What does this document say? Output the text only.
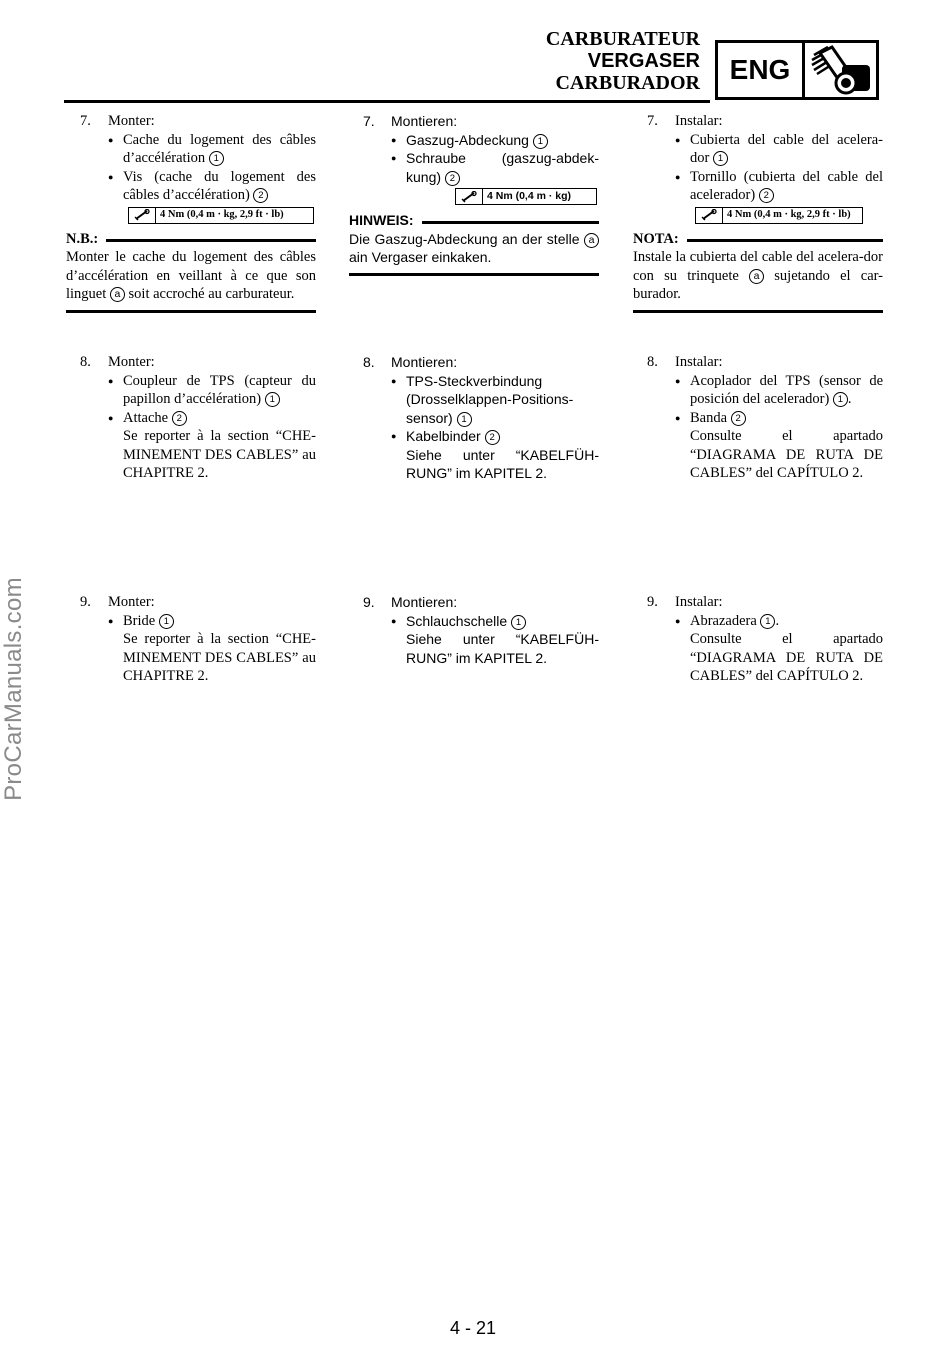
CARBURATEUR
VERGASER
CARBURADOR	ENG
7. Monter:
● Cache du logement des câbles d’accélération 1
● Vis (cache du logement des câbles d’accélération) 2
4 Nm (0,4 m · kg, 2,9 ft · lb)
N.B.:
Monter le cache du logement des câbles d’accélération en veillant à ce que son linguet a soit accroché au carburateur.
8. Monter:
● Coupleur de TPS (capteur du papillon d’accélération) 1
● Attache 2
Se reporter à la section “CHE-MINEMENT DES CABLES” au CHAPITRE 2.
9. Monter:
● Bride 1
Se reporter à la section “CHE-MINEMENT DES CABLES” au CHAPITRE 2.
7. Montieren:
● Gaszug-Abdeckung 1
● Schraube (gaszug-abdek-kung) 2
4 Nm (0,4 m · kg)
HINWEIS:
Die Gaszug-Abdeckung an der stelle a ain Vergaser einkaken.
8. Montieren:
● TPS-Steckverbindung (Drosselklappen-Positions-sensor) 1
● Kabelbinder 2
Siehe unter “KABELFÜH-RUNG” im KAPITEL 2.
9. Montieren:
● Schlauchschelle 1
Siehe unter “KABELFÜH-RUNG” im KAPITEL 2.
7. Instalar:
● Cubierta del cable del acelera-dor 1
● Tornillo (cubierta del cable del acelerador) 2
4 Nm (0,4 m · kg, 2,9 ft · lb)
NOTA:
Instale la cubierta del cable del acelera-dor con su trinquete a sujetando el car-burador.
8. Instalar:
● Acoplador del TPS (sensor de posición del acelerador) 1 .
● Banda 2
Consulte el apartado “DIAGRAMA DE RUTA DE CABLES” del CAPÍTULO 2.
9. Instalar:
● Abrazadera 1 .
Consulte el apartado “DIAGRAMA DE RUTA DE CABLES” del CAPÍTULO 2.
ProCarManuals.com
4 - 21
